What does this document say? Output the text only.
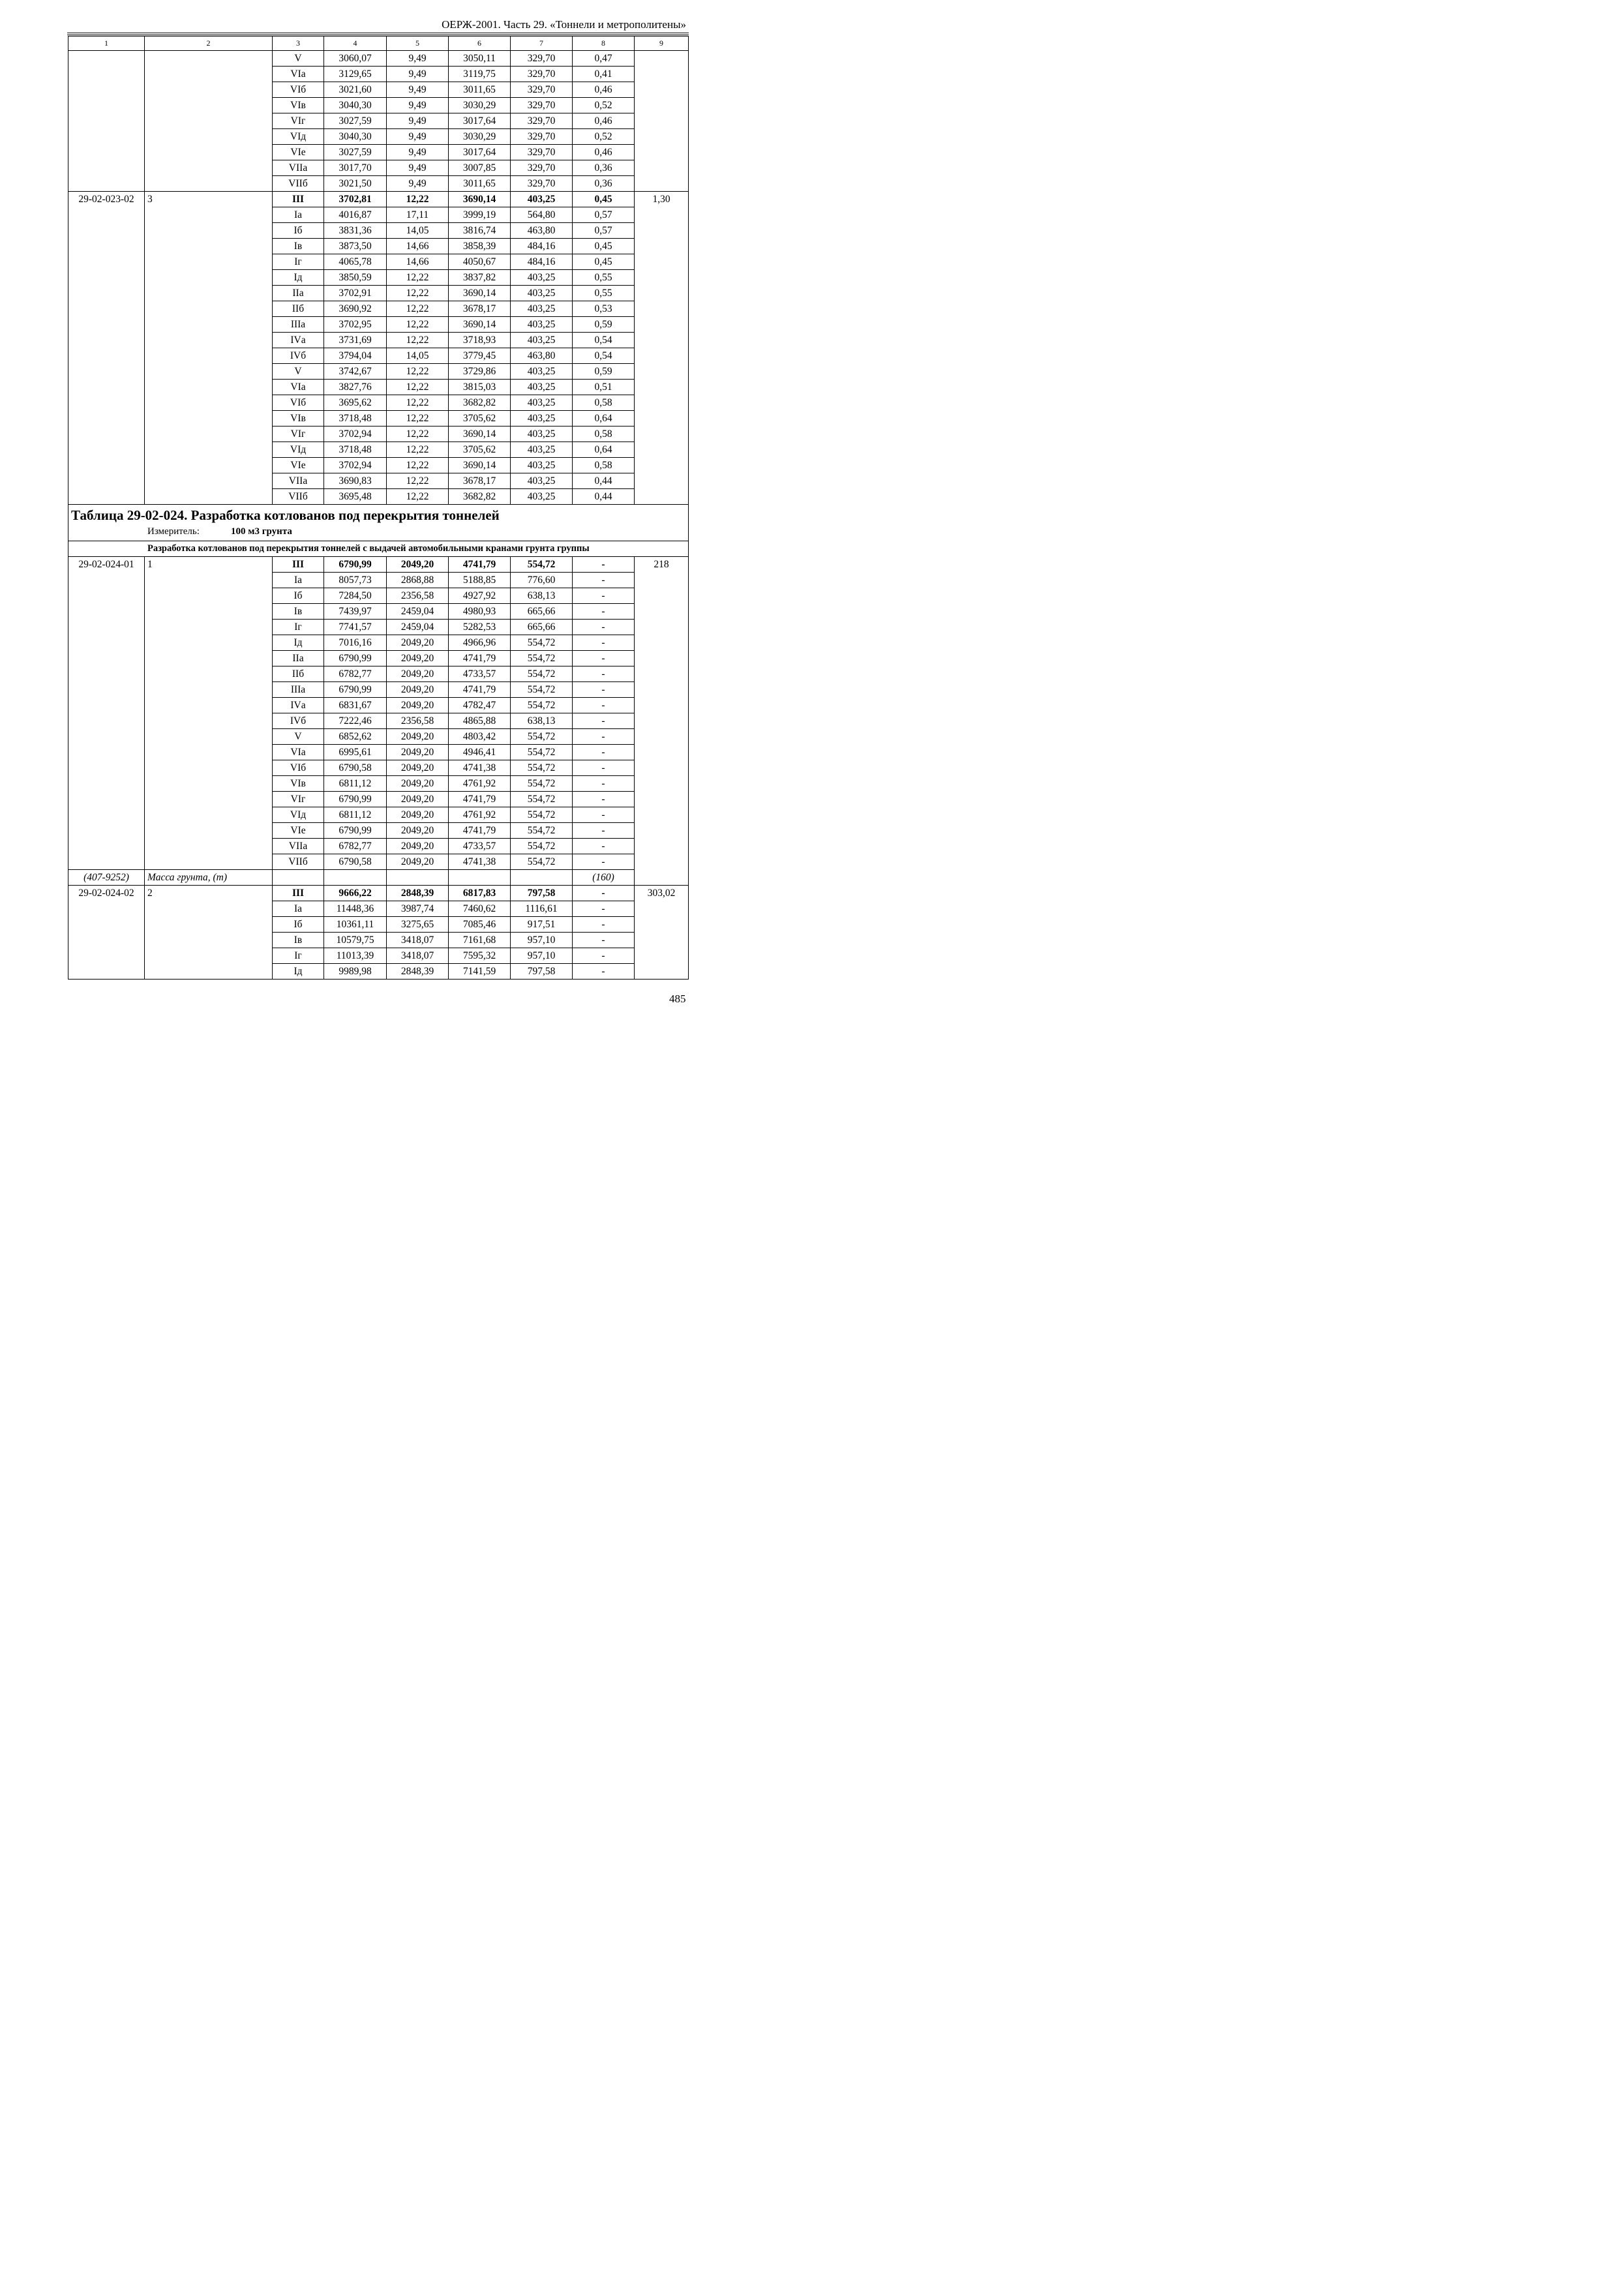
ОЕРЖ-2001. Часть 29. «Тоннели и метрополитены»
1	2	3	4	5	6	7	8	9
		V	3060,07	9,49	3050,11	329,70	0,47	
		VIа	3129,65	9,49	3119,75	329,70	0,41	
		VIб	3021,60	9,49	3011,65	329,70	0,46	
		VIв	3040,30	9,49	3030,29	329,70	0,52	
		VIг	3027,59	9,49	3017,64	329,70	0,46	
		VIд	3040,30	9,49	3030,29	329,70	0,52	
		VIе	3027,59	9,49	3017,64	329,70	0,46	
		VIIа	3017,70	9,49	3007,85	329,70	0,36	
		VIIб	3021,50	9,49	3011,65	329,70	0,36	
29-02-023-02	3	III	3702,81	12,22	3690,14	403,25	0,45	1,30
		Iа	4016,87	17,11	3999,19	564,80	0,57	
		Iб	3831,36	14,05	3816,74	463,80	0,57	
		Iв	3873,50	14,66	3858,39	484,16	0,45	
		Iг	4065,78	14,66	4050,67	484,16	0,45	
		Iд	3850,59	12,22	3837,82	403,25	0,55	
		IIа	3702,91	12,22	3690,14	403,25	0,55	
		IIб	3690,92	12,22	3678,17	403,25	0,53	
		IIIа	3702,95	12,22	3690,14	403,25	0,59	
		IVа	3731,69	12,22	3718,93	403,25	0,54	
		IVб	3794,04	14,05	3779,45	463,80	0,54	
		V	3742,67	12,22	3729,86	403,25	0,59	
		VIа	3827,76	12,22	3815,03	403,25	0,51	
		VIб	3695,62	12,22	3682,82	403,25	0,58	
		VIв	3718,48	12,22	3705,62	403,25	0,64	
		VIг	3702,94	12,22	3690,14	403,25	0,58	
		VIд	3718,48	12,22	3705,62	403,25	0,64	
		VIе	3702,94	12,22	3690,14	403,25	0,58	
		VIIа	3690,83	12,22	3678,17	403,25	0,44	
		VIIб	3695,48	12,22	3682,82	403,25	0,44	

Таблица 29-02-024. Разработка котлованов под перекрытия тоннелей
Измеритель: 100 м3 грунта								

Разработка котлованов под перекрытия тоннелей с выдачей автомобильными кранами грунта группы								
29-02-024-01	1	III	6790,99	2049,20	4741,79	554,72	-	218
		Iа	8057,73	2868,88	5188,85	776,60	-	
		Iб	7284,50	2356,58	4927,92	638,13	-	
		Iв	7439,97	2459,04	4980,93	665,66	-	
		Iг	7741,57	2459,04	5282,53	665,66	-	
		Iд	7016,16	2049,20	4966,96	554,72	-	
		IIа	6790,99	2049,20	4741,79	554,72	-	
		IIб	6782,77	2049,20	4733,57	554,72	-	
		IIIа	6790,99	2049,20	4741,79	554,72	-	
		IVа	6831,67	2049,20	4782,47	554,72	-	
		IVб	7222,46	2356,58	4865,88	638,13	-	
		V	6852,62	2049,20	4803,42	554,72	-	
		VIа	6995,61	2049,20	4946,41	554,72	-	
		VIб	6790,58	2049,20	4741,38	554,72	-	
		VIв	6811,12	2049,20	4761,92	554,72	-	
		VIг	6790,99	2049,20	4741,79	554,72	-	
		VIд	6811,12	2049,20	4761,92	554,72	-	
		VIе	6790,99	2049,20	4741,79	554,72	-	
		VIIа	6782,77	2049,20	4733,57	554,72	-	
		VIIб	6790,58	2049,20	4741,38	554,72	-	
(407-9252)	Масса грунта, (т)						(160)	
29-02-024-02	2	III	9666,22	2848,39	6817,83	797,58	-	303,02
		Iа	11448,36	3987,74	7460,62	1116,61	-	
		Iб	10361,11	3275,65	7085,46	917,51	-	
		Iв	10579,75	3418,07	7161,68	957,10	-	
		Iг	11013,39	3418,07	7595,32	957,10	-	
		Iд	9989,98	2848,39	7141,59	797,58	-	
485
